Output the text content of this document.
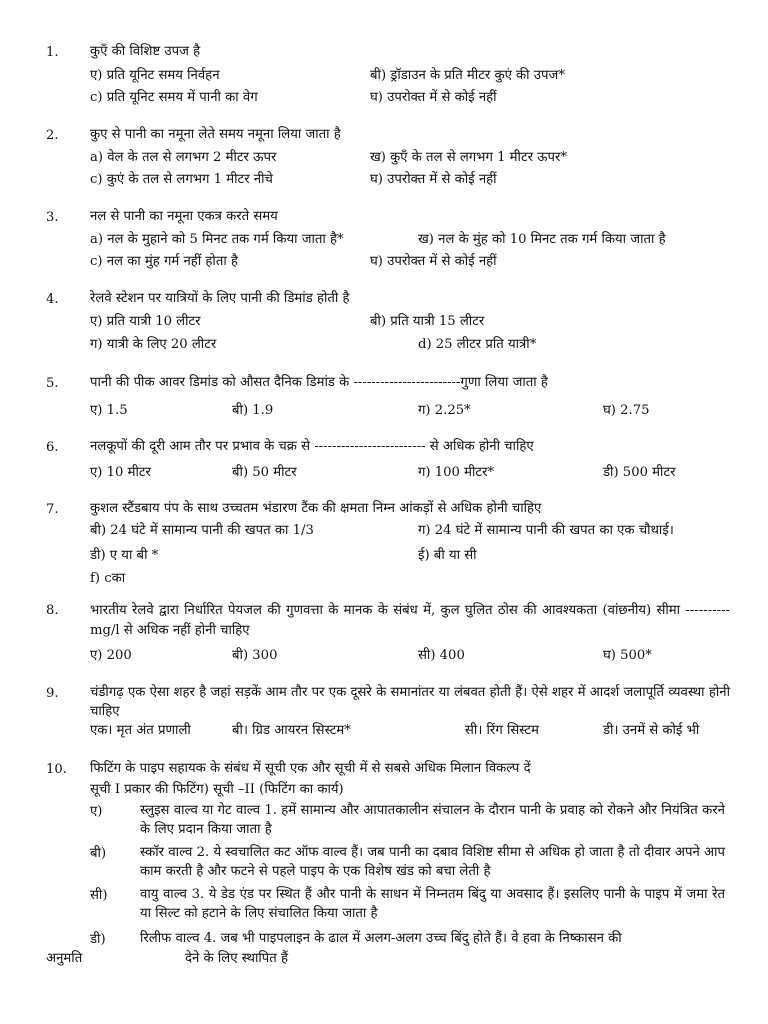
1. कुएँ की विशिष्ट उपज है
ए) प्रति यूनिट समय निर्वहन	बी) ड्रॉडाउन के प्रति मीटर कुएं की उपज*
c) प्रति यूनिट समय में पानी का वेग	घ) उपरोक्त में से कोई नहीं
2. कुए से पानी का नमूना लेते समय नमूना लिया जाता है
a) वेल के तल से लगभग 2 मीटर ऊपर	ख) कुएँ के तल से लगभग 1 मीटर ऊपर*
c) कुएं के तल से लगभग 1 मीटर नीचे	घ) उपरोक्त में से कोई नहीं
3. नल से पानी का नमूना एकत्र करते समय
a) नल के मुहाने को 5 मिनट तक गर्म किया जाता है*	ख) नल के मुंह को 10 मिनट तक गर्म किया जाता है
c) नल का मुंह गर्म नहीं होता है	घ) उपरोक्त में से कोई नहीं
4. रेलवे स्टेशन पर यात्रियों के लिए पानी की डिमांड होती है
ए) प्रति यात्री 10 लीटर	बी) प्रति यात्री 15 लीटर
ग) यात्री के लिए 20 लीटर	d) 25 लीटर प्रति यात्री*
5. पानी की पीक आवर डिमांड को औसत दैनिक डिमांड के ------------------------गुणा लिया जाता है
ए) 1.5	बी) 1.9	ग) 2.25*	घ) 2.75
6. नलकूपों की दूरी आम तौर पर प्रभाव के चक्र से ------------------------- से अधिक होनी चाहिए
ए) 10 मीटर	बी) 50 मीटर	ग) 100 मीटर*	डी) 500 मीटर
7. कुशल स्टैंडबाय पंप के साथ उच्चतम भंडारण टैंक की क्षमता निम्न आंकड़ों से अधिक होनी चाहिए
बी) 24 घंटे में सामान्य पानी की खपत का 1/3	ग) 24 घंटे में सामान्य पानी की खपत का एक चौथाई।
डी) ए या बी *	ई) बी या सी
f) cका
8. भारतीय रेलवे द्वारा निर्धारित पेयजल की गुणवत्ता के मानक के संबंध में, कुल घुलित ठोस की आवश्यकता (वांछनीय) सीमा ---------- mg/l से अधिक नहीं होनी चाहिए
ए) 200	बी) 300	सी) 400	घ) 500*
9. चंडीगढ़ एक ऐसा शहर है जहां सड़कें आम तौर पर एक दूसरे के समानांतर या लंबवत होती हैं। ऐसे शहर में आदर्श जलापूर्ति व्यवस्था होनी चाहिए
एक। मृत अंत प्रणाली	बी। ग्रिड आयरन सिस्टम*	सी। रिंग सिस्टम	डी। उनमें से कोई भी
10. फिटिंग के पाइप सहायक के संबंध में सूची एक और सूची में से सबसे अधिक मिलान विकल्प दें
सूची I प्रकार की फिटिंग) सूची –II (फिटिंग का कार्य)
ए)	स्लुइस वाल्व या गेट वाल्व 1. हमें सामान्य और आपातकालीन संचालन के दौरान पानी के प्रवाह को रोकने और नियंत्रित करने के लिए प्रदान किया जाता है
बी)	स्कॉर वाल्व 2. ये स्वचालित कट ऑफ वाल्व हैं। जब पानी का दबाव विशिष्ट सीमा से अधिक हो जाता है तो दीवार अपने आप काम करती है और फटने से पहले पाइप के एक विशेष खंड को बचा लेती है
सी) वायु वाल्व 3. ये डेड एंड पर स्थित हैं और पानी के साधन में निम्नतम बिंदु या अवसाद हैं। इसलिए पानी के पाइप में जमा रेत या सिल्ट को हटाने के लिए संचालित किया जाता है
डी)	रिलीफ वाल्व 4. जब भी पाइपलाइन के ढाल में अलग-अलग उच्च बिंदु होते हैं। वे हवा के निष्कासन की
अनुमति	देने के लिए स्थापित हैं
